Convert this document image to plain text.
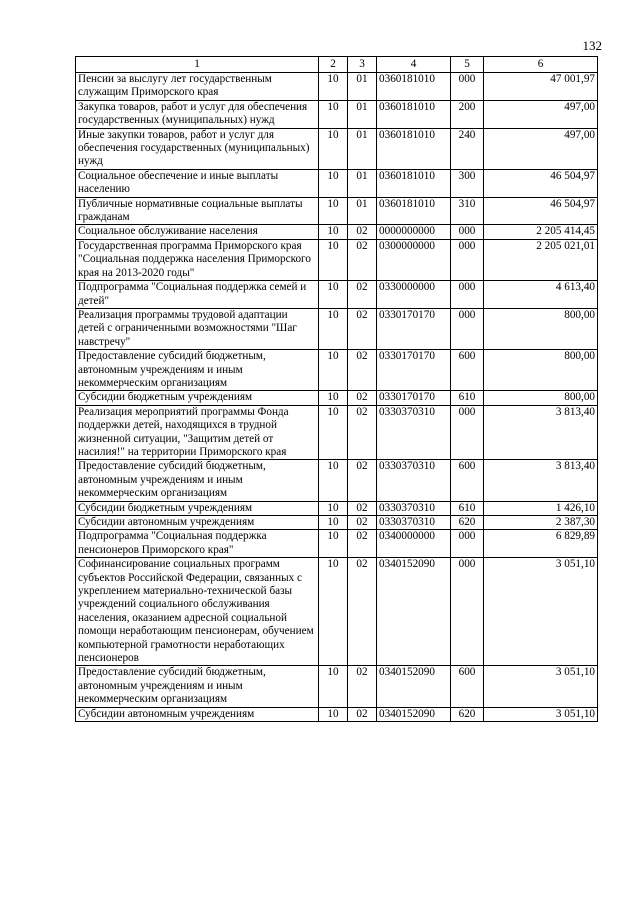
132
1	2	3	4	5	6
Пенсии за выслугу лет государственным служащим Приморского края	10	01	0360181010	000	47 001,97
Закупка товаров, работ и услуг для обеспечения государственных (муниципальных) нужд	10	01	0360181010	200	497,00
Иные закупки товаров, работ и услуг для обеспечения государственных (муниципальных) нужд	10	01	0360181010	240	497,00
Социальное обеспечение и иные выплаты населению	10	01	0360181010	300	46 504,97
Публичные нормативные социальные выплаты гражданам	10	01	0360181010	310	46 504,97
Социальное обслуживание населения	10	02	0000000000	000	2 205 414,45
Государственная программа Приморского края "Социальная поддержка населения Приморского края на 2013-2020 годы"	10	02	0300000000	000	2 205 021,01
Подпрограмма "Социальная поддержка семей и детей"	10	02	0330000000	000	4 613,40
Реализация программы трудовой адаптации детей с ограниченными возможностями "Шаг навстречу"	10	02	0330170170	000	800,00
Предоставление субсидий бюджетным, автономным учреждениям и иным некоммерческим организациям	10	02	0330170170	600	800,00
Субсидии бюджетным учреждениям	10	02	0330170170	610	800,00
Реализация мероприятий программы Фонда поддержки детей, находящихся в трудной жизненной ситуации, "Защитим детей от насилия!" на территории Приморского края	10	02	0330370310	000	3 813,40
Предоставление субсидий бюджетным, автономным учреждениям и иным некоммерческим организациям	10	02	0330370310	600	3 813,40
Субсидии бюджетным учреждениям	10	02	0330370310	610	1 426,10
Субсидии автономным учреждениям	10	02	0330370310	620	2 387,30
Подпрограмма "Социальная поддержка пенсионеров Приморского края"	10	02	0340000000	000	6 829,89
Софинансирование социальных программ субъектов Российской Федерации, связанных с укреплением материально-технической базы учреждений социального обслуживания населения, оказанием адресной социальной помощи неработающим пенсионерам, обучением компьютерной грамотности неработающих пенсионеров	10	02	0340152090	000	3 051,10
Предоставление субсидий бюджетным, автономным учреждениям и иным некоммерческим организациям	10	02	0340152090	600	3 051,10
Субсидии автономным учреждениям	10	02	0340152090	620	3 051,10
